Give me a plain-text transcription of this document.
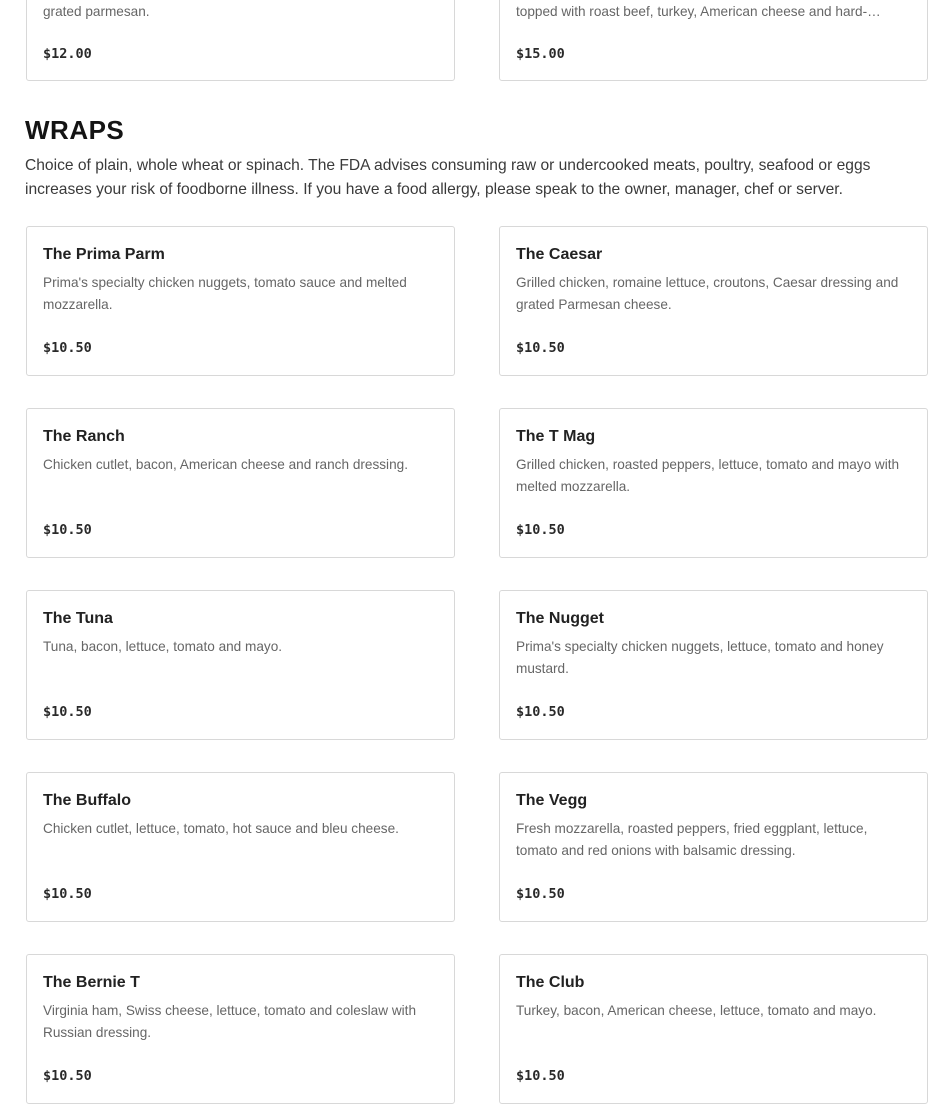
grated parmesan.
$12.00
topped with roast beef, turkey, American cheese and hard-…
$15.00
WRAPS
Choice of plain, whole wheat or spinach. The FDA advises consuming raw or undercooked meats, poultry, seafood or eggs increases your risk of foodborne illness. If you have a food allergy, please speak to the owner, manager, chef or server.
The Prima Parm
Prima's specialty chicken nuggets, tomato sauce and melted mozzarella.
$10.50
The Caesar
Grilled chicken, romaine lettuce, croutons, Caesar dressing and grated Parmesan cheese.
$10.50
The Ranch
Chicken cutlet, bacon, American cheese and ranch dressing.
$10.50
The T Mag
Grilled chicken, roasted peppers, lettuce, tomato and mayo with melted mozzarella.
$10.50
The Tuna
Tuna, bacon, lettuce, tomato and mayo.
$10.50
The Nugget
Prima's specialty chicken nuggets, lettuce, tomato and honey mustard.
$10.50
The Buffalo
Chicken cutlet, lettuce, tomato, hot sauce and bleu cheese.
$10.50
The Vegg
Fresh mozzarella, roasted peppers, fried eggplant, lettuce, tomato and red onions with balsamic dressing.
$10.50
The Bernie T
Virginia ham, Swiss cheese, lettuce, tomato and coleslaw with Russian dressing.
$10.50
The Club
Turkey, bacon, American cheese, lettuce, tomato and mayo.
$10.50
